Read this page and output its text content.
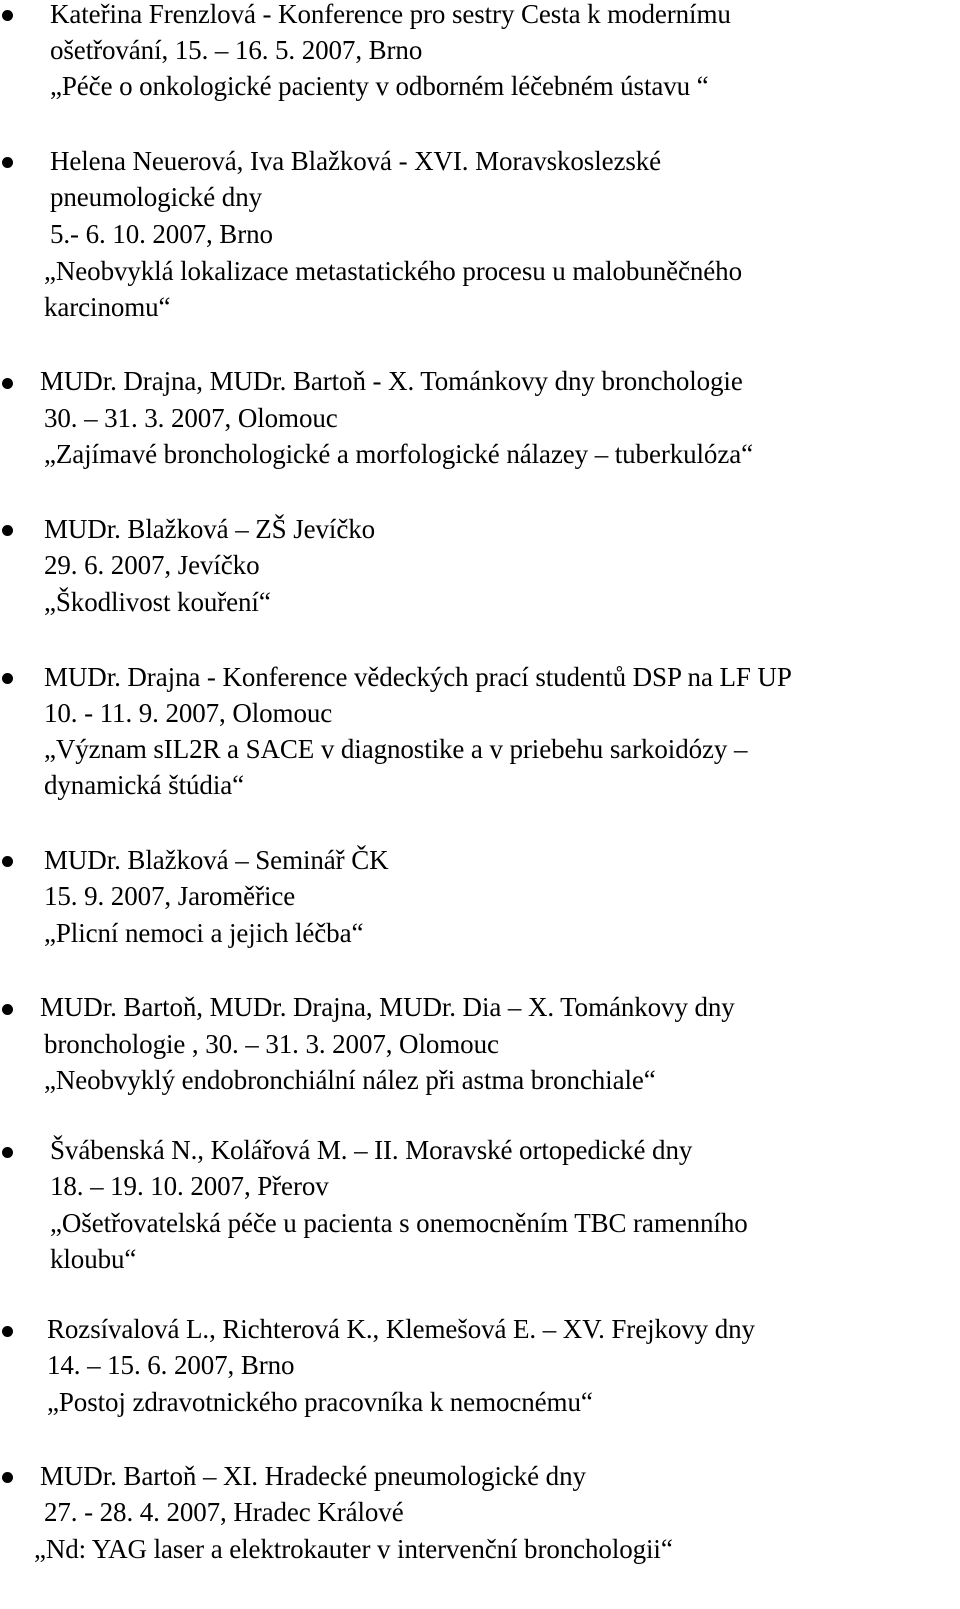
Kateřina Frenzlová - Konference pro sestry Cesta k modernímu
ošetřování, 15. – 16. 5. 2007, Brno
„Péče o onkologické pacienty v odborném léčebném ústavu “
Helena Neuerová, Iva Blažková - XVI. Moravskoslezské
pneumologické dny
5.- 6. 10. 2007, Brno
„Neobvyklá lokalizace metastatického procesu u malobuněčného
karcinomu“
MUDr. Drajna, MUDr. Bartoň - X. Tománkovy dny bronchologie
30. – 31. 3. 2007, Olomouc
„Zajímavé bronchologické a morfologické nálazey – tuberkulóza“
MUDr. Blažková – ZŠ Jevíčko
29. 6. 2007, Jevíčko
„Škodlivost kouření“
MUDr. Drajna - Konference vědeckých prací studentů DSP na LF UP
10. - 11. 9. 2007, Olomouc
„Význam sIL2R a SACE v diagnostike a v priebehu sarkoidózy –
dynamická štúdia“
MUDr. Blažková – Seminář ČK
15. 9. 2007, Jaroměřice
„Plicní nemoci a jejich léčba“
MUDr. Bartoň, MUDr. Drajna, MUDr. Dia – X. Tománkovy dny
bronchologie , 30. – 31. 3. 2007, Olomouc
„Neobvyklý endobronchiální nález při astma bronchiale“
Švábenská N., Kolářová M. – II. Moravské ortopedické dny
18. – 19. 10. 2007, Přerov
„Ošetřovatelská péče u pacienta s onemocněním TBC ramenního
kloubu“
Rozsívalová L., Richterová K., Klemešová E. – XV. Frejkovy dny
14. – 15. 6. 2007, Brno
„Postoj zdravotnického pracovníka k nemocnému“
MUDr. Bartoň – XI. Hradecké pneumologické dny
27. - 28. 4. 2007, Hradec Králové
„Nd: YAG laser a elektrokauter v intervenční bronchologii“
